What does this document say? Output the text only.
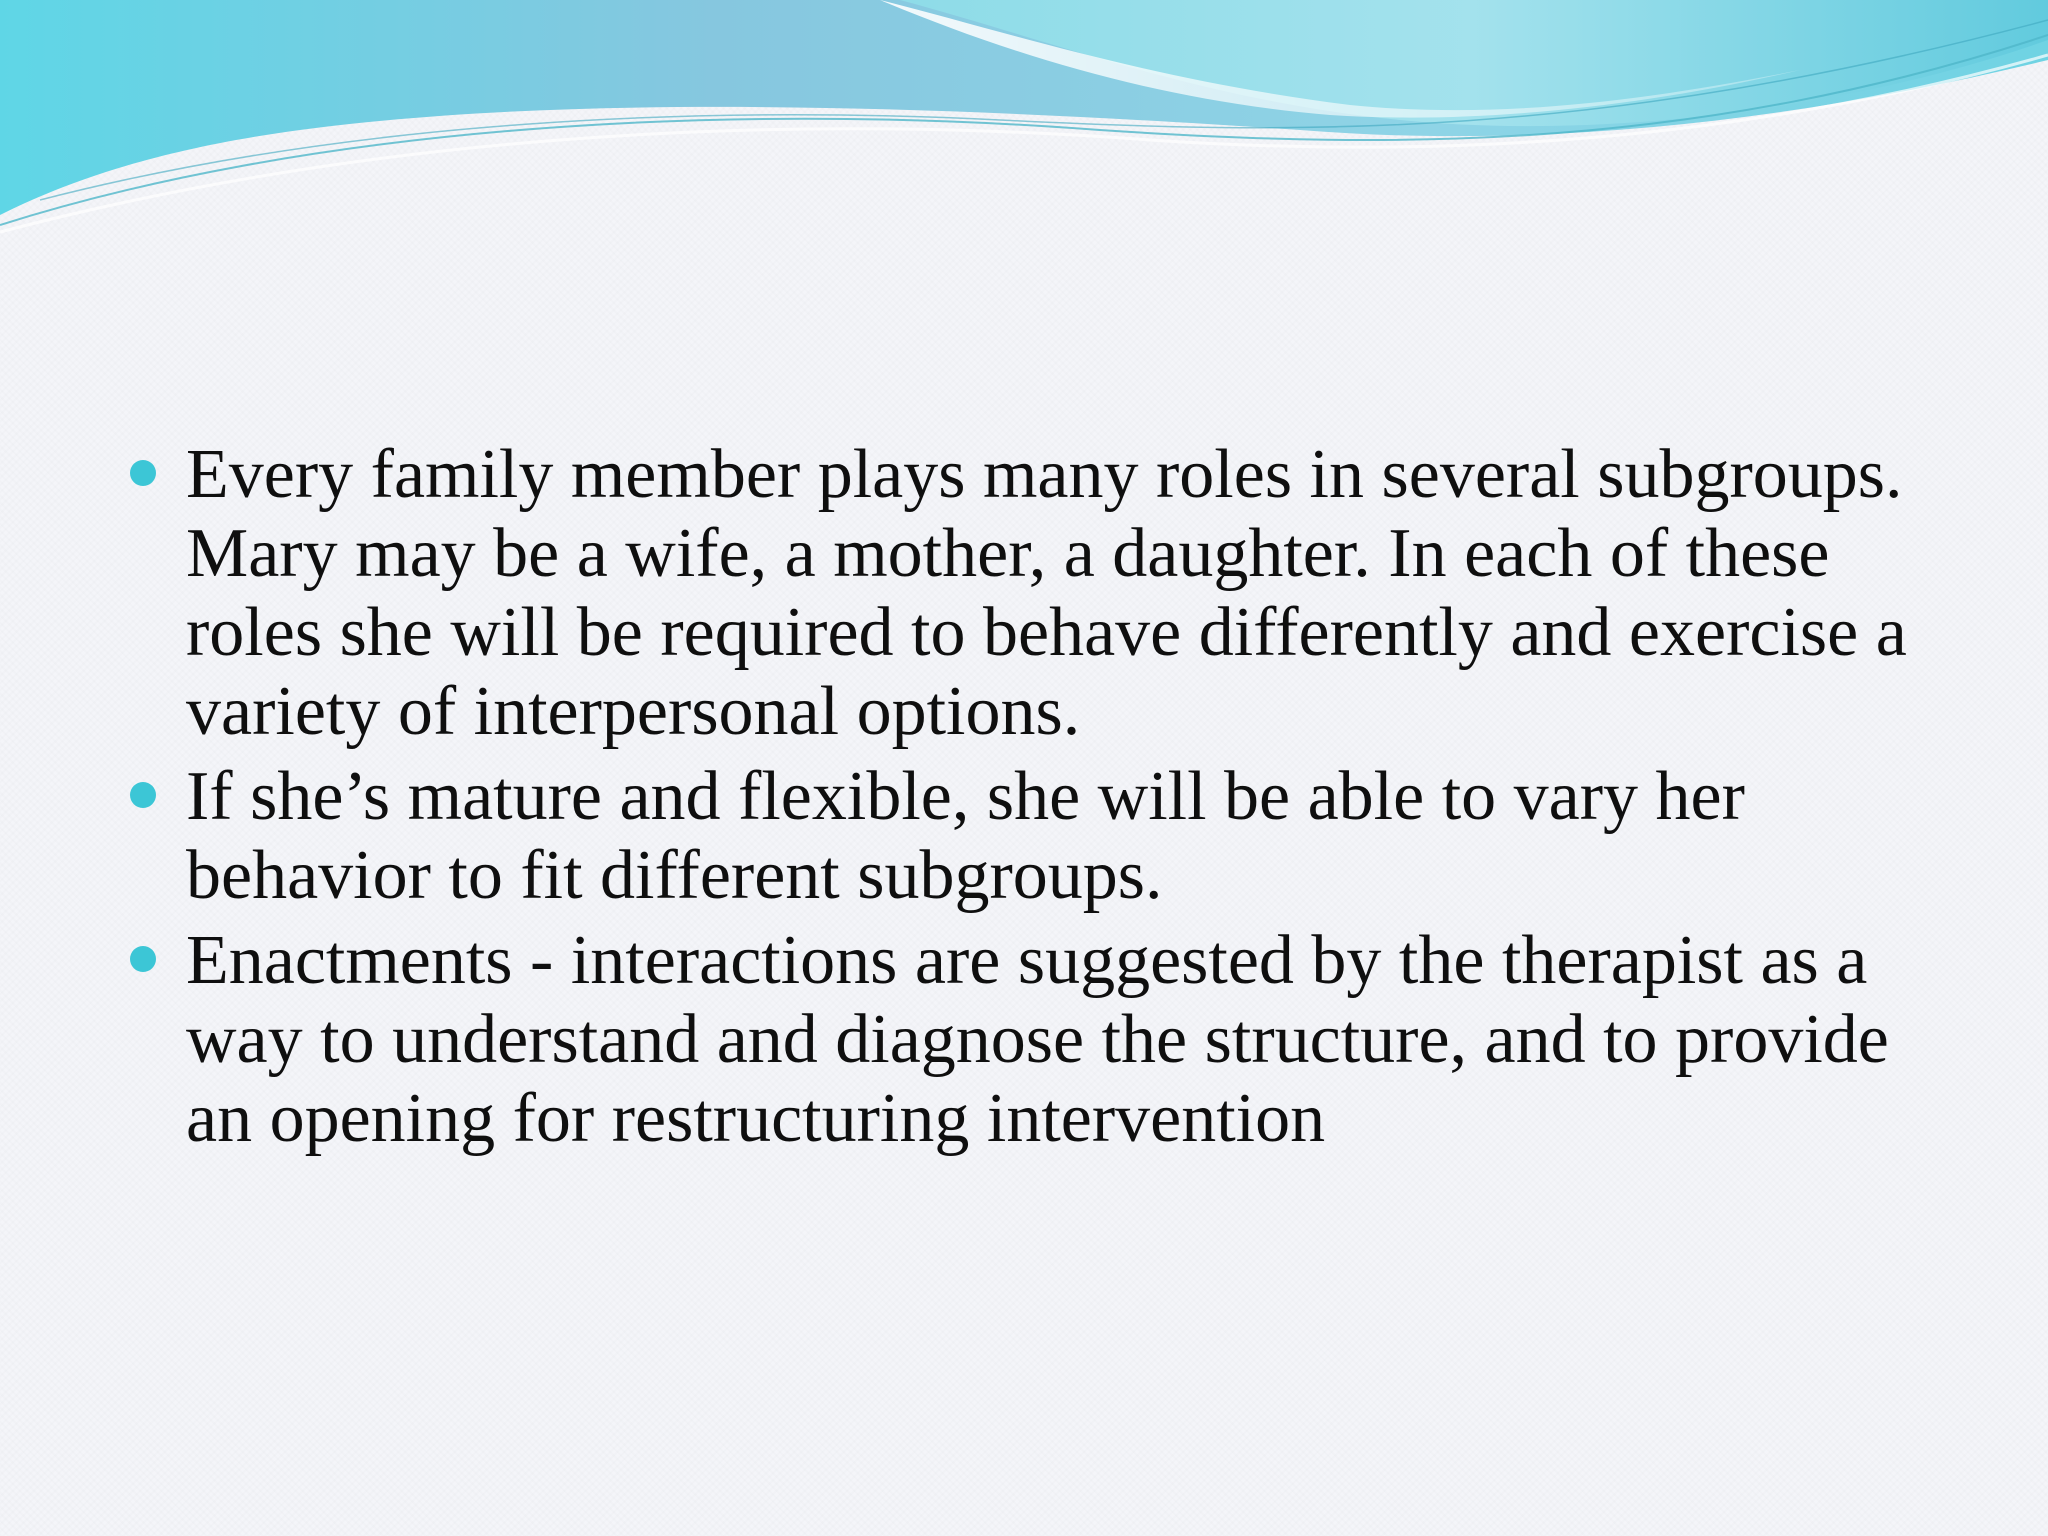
Every family member plays many roles in several subgroups. Mary may be a wife, a mother, a daughter. In each of these roles she will be required to behave differently and exercise a variety of interpersonal options.
If she’s mature and flexible, she will be able to vary her behavior to fit different subgroups.
Enactments - interactions are suggested by the therapist as a way to understand and diagnose the structure, and to provide an opening for restructuring intervention
